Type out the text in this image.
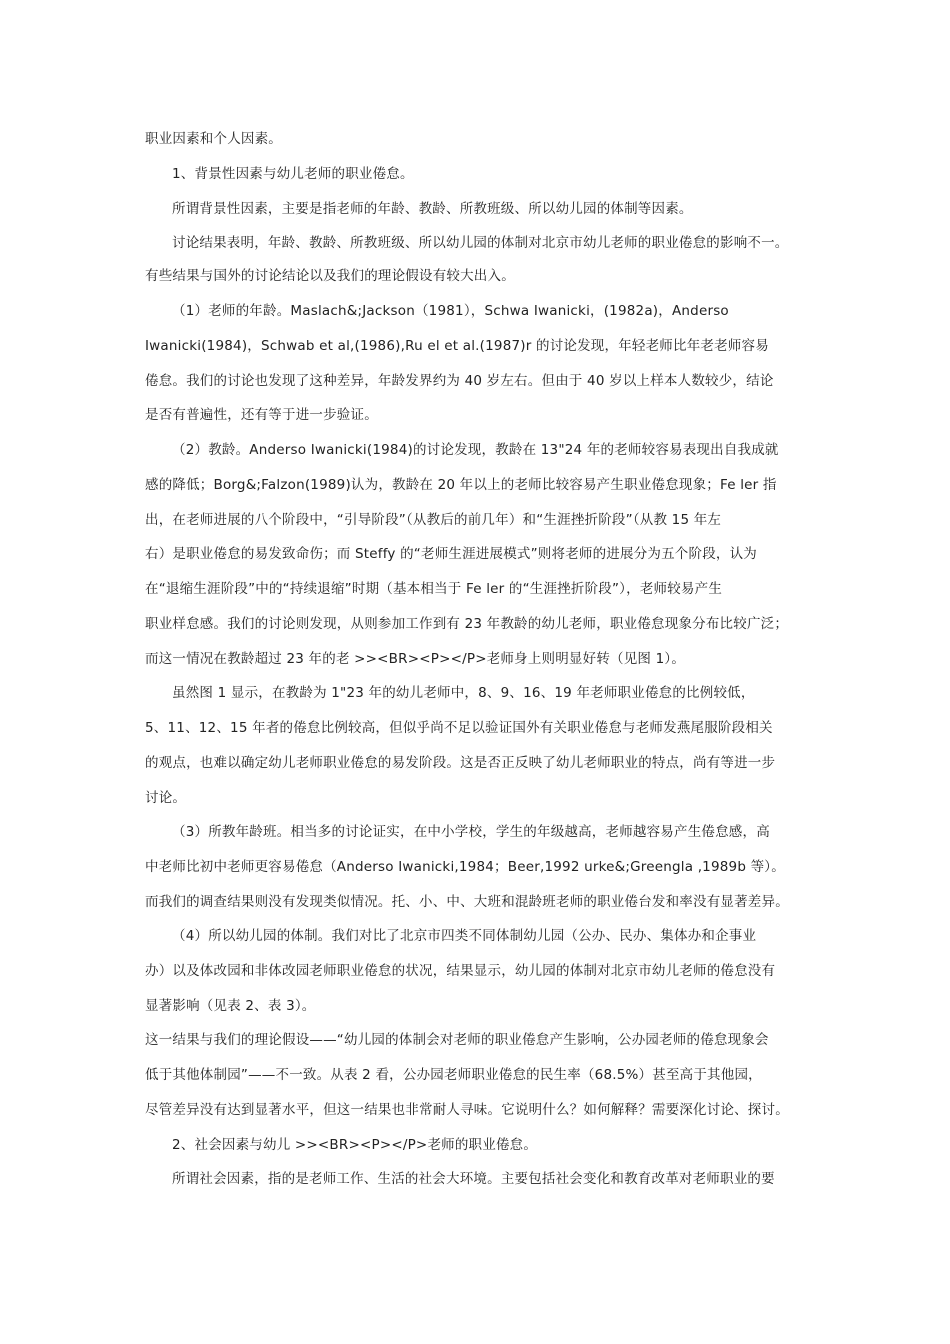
职业因素和个人因素。
1、背景性因素与幼儿老师的职业倦怠。
所谓背景性因素，主要是指老师的年龄、教龄、所教班级、所以幼儿园的体制等因素。
讨论结果表明，年龄、教龄、所教班级、所以幼儿园的体制对北京市幼儿老师的职业倦怠的影响不一。
有些结果与国外的讨论结论以及我们的理论假设有较大出入。
（1）老师的年龄。Maslach&;Jackson（1981），Schwa Iwanicki，(1982a)，Anderso
Iwanicki(1984)，Schwab et al,(1986),Ru el et al.(1987)r 的讨论发现，年轻老师比年老老师容易
倦怠。我们的讨论也发现了这种差异，年龄发界约为 40 岁左右。但由于 40 岁以上样本人数较少，结论
是否有普遍性，还有等于进一步验证。
（2）教龄。Anderso Iwanicki(1984)的讨论发现，教龄在 13"24 年的老师较容易表现出自我成就
感的降低；Borg&;Falzon(1989)认为，教龄在 20 年以上的老师比较容易产生职业倦怠现象；Fe ler 指
出，在老师进展的八个阶段中，“引导阶段”（从教后的前几年）和“生涯挫折阶段”（从教 15 年左
右）是职业倦怠的易发致命伤；而 Steffy 的“老师生涯进展模式”则将老师的进展分为五个阶段，认为
在“退缩生涯阶段”中的“持续退缩”时期（基本相当于 Fe ler 的“生涯挫折阶段”），老师较易产生
职业样怠感。我们的讨论则发现，从则参加工作到有 23 年教龄的幼儿老师，职业倦怠现象分布比较广泛；
而这一情况在教龄超过 23 年的老 >><BR><P></P>老师身上则明显好转（见图 1）。
虽然图 1 显示，在教龄为 1"23 年的幼儿老师中，8、9、16、19 年老师职业倦怠的比例较低，
5、11、12、15 年者的倦怠比例较高，但似乎尚不足以验证国外有关职业倦怠与老师发燕尾服阶段相关
的观点，也难以确定幼儿老师职业倦怠的易发阶段。这是否正反映了幼儿老师职业的特点，尚有等进一步
讨论。
（3）所教年龄班。相当多的讨论证实，在中小学校，学生的年级越高，老师越容易产生倦怠感，高
中老师比初中老师更容易倦怠（Anderso Iwanicki,1984；Beer,1992 urke&;Greengla ,1989b 等）。
而我们的调查结果则没有发现类似情况。托、小、中、大班和混龄班老师的职业倦台发和率没有显著差异。
（4）所以幼儿园的体制。我们对比了北京市四类不同体制幼儿园（公办、民办、集体办和企事业
办）以及体改园和非体改园老师职业倦怠的状况，结果显示，幼儿园的体制对北京市幼儿老师的倦怠没有
显著影响（见表 2、表 3）。
这一结果与我们的理论假设——“幼儿园的体制会对老师的职业倦怠产生影响，公办园老师的倦怠现象会
低于其他体制园”——不一致。从表 2 看，公办园老师职业倦怠的民生率（68.5%）甚至高于其他园，
尽管差异没有达到显著水平，但这一结果也非常耐人寻味。它说明什么？如何解释？需要深化讨论、探讨。
2、社会因素与幼儿 >><BR><P></P>老师的职业倦怠。
所谓社会因素，指的是老师工作、生活的社会大环境。主要包括社会变化和教育改革对老师职业的要
